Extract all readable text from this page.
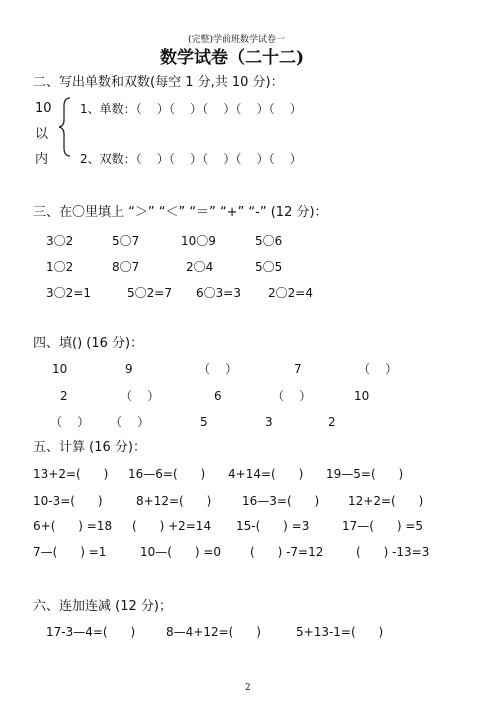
(完整)学前班数学试卷一
数学试卷（二十二)
二、写出单数和双数(每空 1 分,共 10 分)：
10
以
内
1、单数：（    ）（    ）（    ）（    ）（    ）
2、双数：（    ）（    ）（    ）（    ）（    ）
三、在〇里填上 “＞” “＜” “＝” “+” “-” (12 分)：
3〇2	5〇7	10〇9	5〇6
1〇2	8〇7	2〇4	5〇5
3〇2=1	5〇2=7 6〇3=3 2〇2=4
四、填() (16 分)：
10	9	（    ）	7	（    ）
2	（    ）	6	（    ）	10
（    ） （    ）	5	3	2
五、计算 (16 分)：
13+2=(      ) 16—6=(      ) 4+14=(      ) 19—5=(      )
10-3=(      )	8+12=(      )	16—3=(      ) 12+2=(      )
6+(      ) =18 (      ) +2=14 15-(      ) =3	17—(      ) =5
7—(      ) =1	10—(      ) =0 (      ) -7=12	(      ) -13=3
六、连加连减 (12 分)；
17-3—4=(      )	8—4+12=(      )	5+13-1=(      )
2
